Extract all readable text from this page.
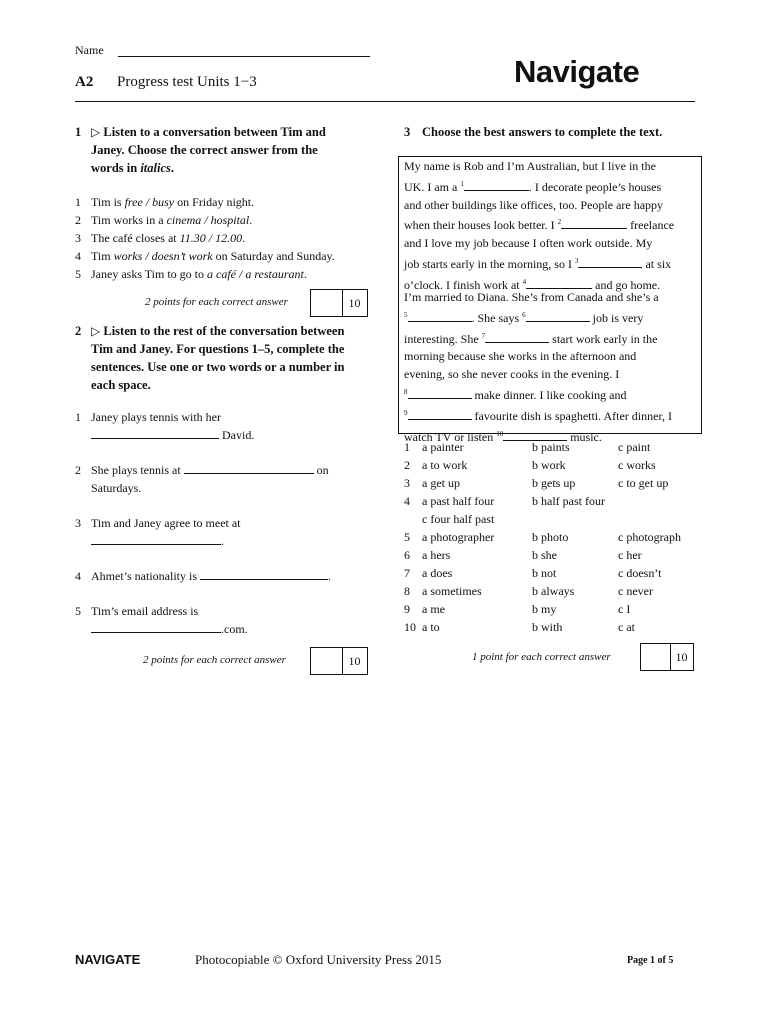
Name
A2 Progress test Units 1−3	Navigate
1 ▷ Listen to a conversation between Tim and
Janey. Choose the correct answer from the
words in italics.
1 Tim is free / busy on Friday night.
2 Tim works in a cinema / hospital.
3 The café closes at 11.30 / 12.00.
4 Tim works / doesn’t work on Saturday and Sunday.
5 Janey asks Tim to go to a café / a restaurant.
2 points for each correct answer	10
2 ▷ Listen to the rest of the conversation between
Tim and Janey. For questions 1–5, complete the
sentences. Use one or two words or a number in
each space.
1 Janey plays tennis with her
David.
2 She plays tennis at	on
Saturdays.
3 Tim and Janey agree to meet at
.
4 Ahmet’s nationality is	.
5 Tim’s email address is
.com.
2 points for each correct answer	10
3 Choose the best answers to complete the text.
My name is Rob and I’m Australian, but I live in the
UK. I am a $^1$	. I decorate people’s houses
and other buildings like offices, too. People are happy
when their houses look better. I $^2$	freelance
and I love my job because I often work outside. My
job starts early in the morning, so I $^3$	at six
o’clock. I finish work at $^4$	and go home.
I’m married to Diana. She’s from Canada and she’s a
$^5$	. She says $^6$	job is very
interesting. She $^7$	start work early in the
morning because she works in the afternoon and
evening, so she never cooks in the evening. I
$^8$	make dinner. I like cooking and
$^9$	favourite dish is spaghetti. After dinner, I
watch TV or listen $^{10}$	music.
1 a painter	b paints	c paint
2 a to work	b work	c works
3 a get up	b gets up	c to get up
4 a past half four	b half past four
c four half past
5 a photographer	b photo	c photograph
6 a hers	b she	c her
7 a does	b not	c doesn’t
8 a sometimes	b always	c never
9 a me	b my	c I
10 a to	b with	c at
1 point for each correct answer	10
NAVIGATE	Photocopiable © Oxford University Press 2015	Page 1 of 5
